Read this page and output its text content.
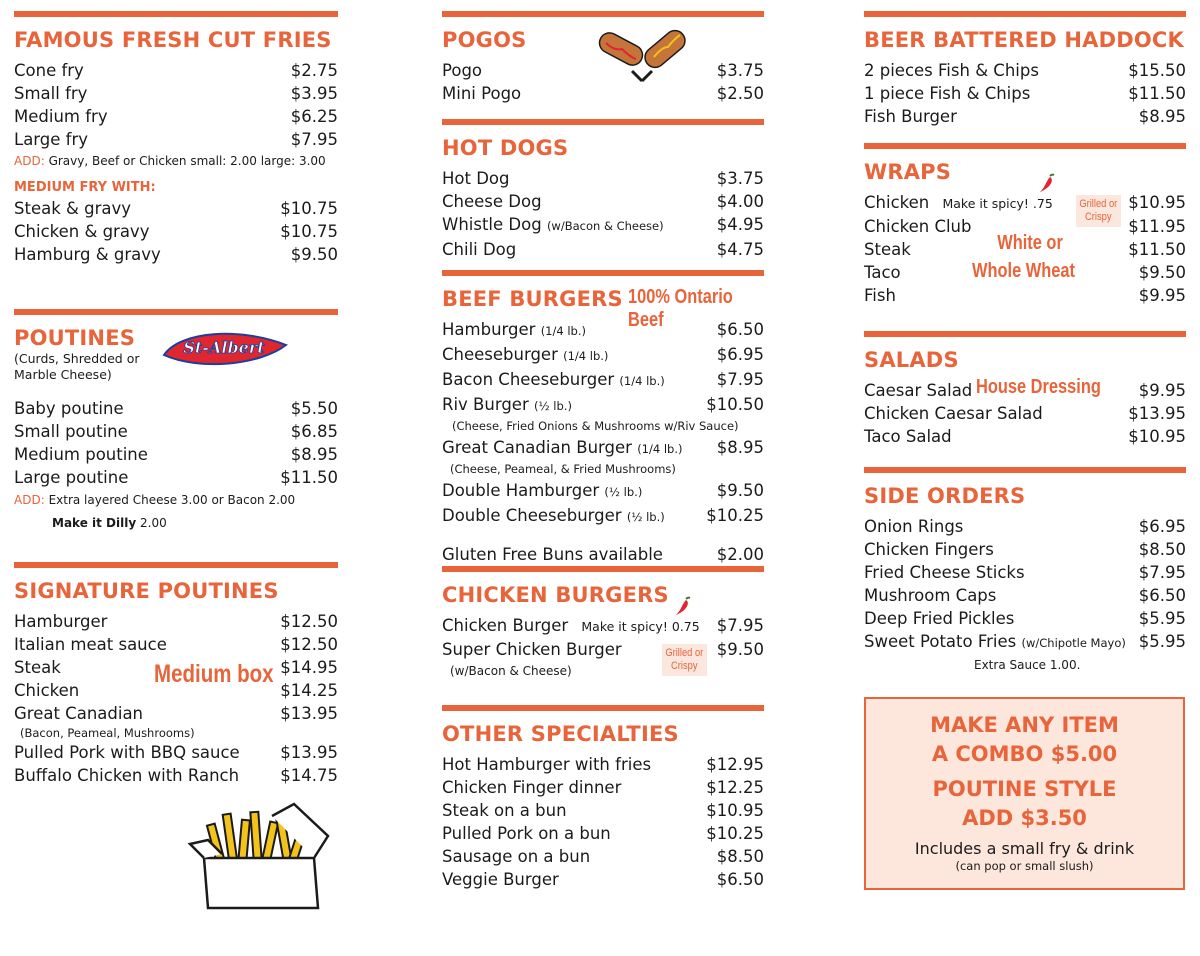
FAMOUS FRESH CUT FRIES
Cone fry	$2.75
Small fry	$3.95
Medium fry	$6.25
Large fry	$7.95
ADD: Gravy, Beef or Chicken small: 2.00 large: 3.00
MEDIUM FRY WITH:
Steak & gravy	$10.75
Chicken & gravy	$10.75
Hamburg & gravy	$9.50
POUTINES
(Curds, Shredded or
Marble Cheese)
St-Albert
Baby poutine	$5.50
Small poutine	$6.85
Medium poutine	$8.95
Large poutine	$11.50
ADD: Extra layered Cheese 3.00 or Bacon 2.00
Make it Dilly 2.00
SIGNATURE POUTINES
Hamburger	$12.50
Italian meat sauce	$12.50
Steak	$14.95
Chicken	$14.25
Great Canadian	$13.95
(Bacon, Peameal, Mushrooms)
Pulled Pork with BBQ sauce $13.95
Buffalo Chicken with Ranch $14.75
Medium box
POGOS
Pogo	$3.75
Mini Pogo	$2.50
HOT DOGS
Hot Dog	$3.75
Cheese Dog	$4.00
Whistle Dog (w/Bacon & Cheese)	$4.95
Chili Dog	$4.75
BEEF BURGERS 100% Ontario Beef
Hamburger (1/4 lb.)	$6.50
Cheeseburger (1/4 lb.)	$6.95
Bacon Cheeseburger (1/4 lb.)	$7.95
Riv Burger (½ lb.)	$10.50
(Cheese, Fried Onions & Mushrooms w/Riv Sauce)
Great Canadian Burger (1/4 lb.) $8.95
(Cheese, Peameal, & Fried Mushrooms)
Double Hamburger (½ lb.)	$9.50
Double Cheeseburger (½ lb.)	$10.25
Gluten Free Buns available	$2.00
CHICKEN BURGERS
Chicken Burger Make it spicy! 0.75 $7.95
Super Chicken Burger	$9.50
(w/Bacon & Cheese)
Grilled or
Crispy
OTHER SPECIALTIES
Hot Hamburger with fries	$12.95
Chicken Finger dinner	$12.25
Steak on a bun	$10.95
Pulled Pork on a bun	$10.25
Sausage on a bun	$8.50
Veggie Burger	$6.50
BEER BATTERED HADDOCK
2 pieces Fish & Chips	$15.50
1 piece Fish & Chips	$11.50
Fish Burger	$8.95
WRAPS
Chicken Make it spicy! .75	$10.95
Chicken Club	$11.95
Steak	$11.50
Taco	$9.50
Fish	$9.95
Grilled or
Crispy
White or
Whole Wheat
SALADS
Caesar Salad	$9.95
Chicken Caesar Salad	$13.95
Taco Salad	$10.95
House Dressing
SIDE ORDERS
Onion Rings	$6.95
Chicken Fingers	$8.50
Fried Cheese Sticks	$7.95
Mushroom Caps	$6.50
Deep Fried Pickles	$5.95
Sweet Potato Fries (w/Chipotle Mayo) $5.95
Extra Sauce 1.00.
MAKE ANY ITEM
A COMBO $5.00
POUTINE STYLE
ADD $3.50
Includes a small fry & drink
(can pop or small slush)
